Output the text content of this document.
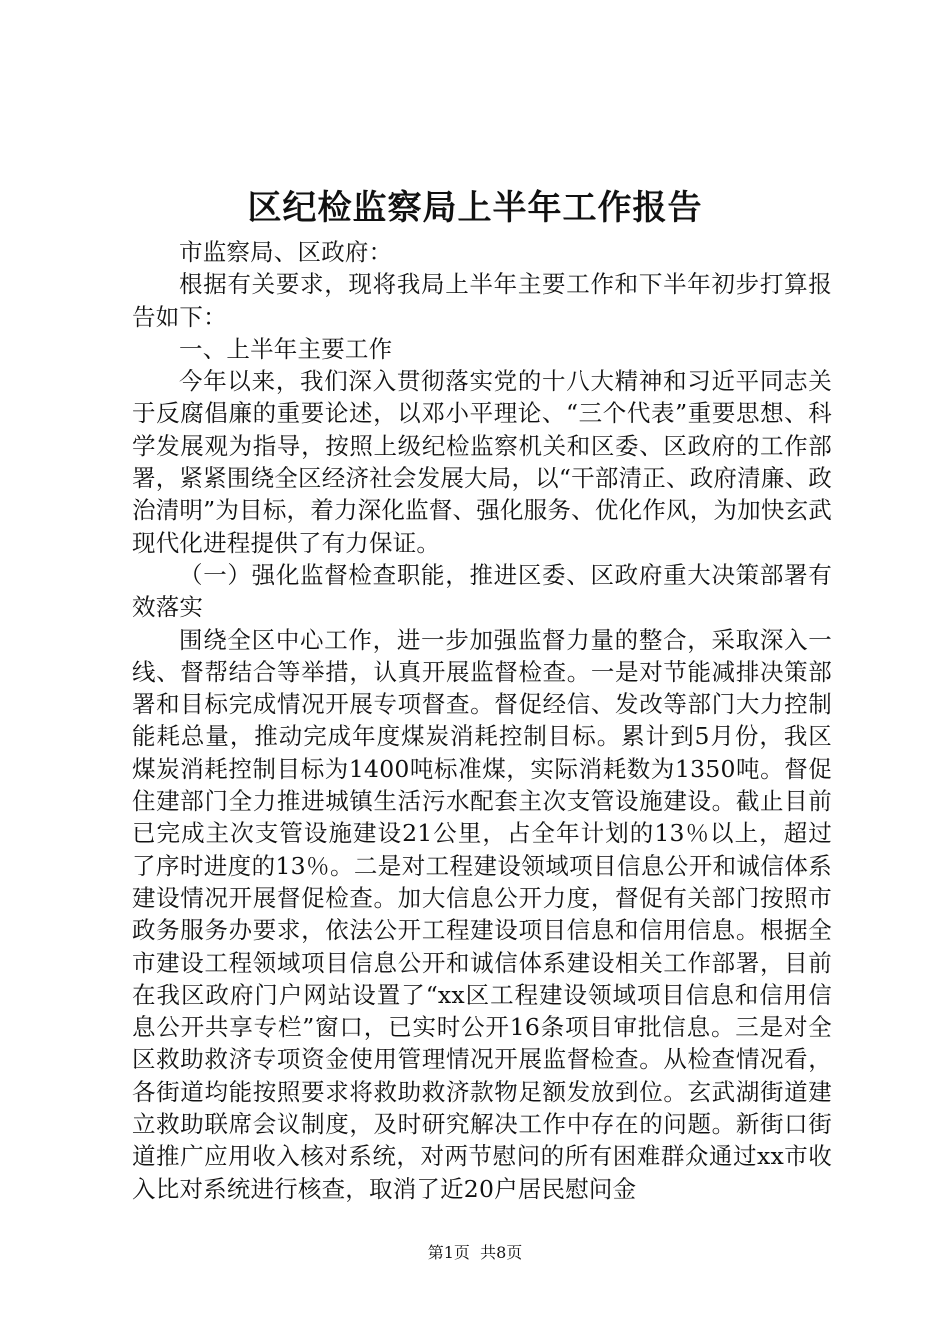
区纪检监察局上半年工作报告

市监察局、区政府：

根据有关要求，现将我局上半年主要工作和下半年初步打算报告如下：

一、上半年主要工作

今年以来，我们深入贯彻落实党的十八大精神和习近平同志关于反腐倡廉的重要论述，以邓小平理论、“三个代表”重要思想、科学发展观为指导，按照上级纪检监察机关和区委、区政府的工作部署，紧紧围绕全区经济社会发展大局，以“干部清正、政府清廉、政治清明”为目标，着力深化监督、强化服务、优化作风，为加快玄武现代化进程提供了有力保证。

（一）强化监督检查职能，推进区委、区政府重大决策部署有效落实

围绕全区中心工作，进一步加强监督力量的整合，采取深入一线、督帮结合等举措，认真开展监督检查。一是对节能减排决策部署和目标完成情况开展专项督查。督促经信、发改等部门大力控制能耗总量，推动完成年度煤炭消耗控制目标。累计到5月份，我区煤炭消耗控制目标为1400吨标准煤，实际消耗数为1350吨。督促住建部门全力推进城镇生活污水配套主次支管设施建设。截止目前已完成主次支管设施建设21公里，占全年计划的13％以上，超过了序时进度的13％。二是对工程建设领域项目信息公开和诚信体系建设情况开展督促检查。加大信息公开力度，督促有关部门按照市政务服务办要求，依法公开工程建设项目信息和信用信息。根据全市建设工程领域项目信息公开和诚信体系建设相关工作部署，目前在我区政府门户网站设置了“xx区工程建设领域项目信息和信用信息公开共享专栏”窗口，已实时公开16条项目审批信息。三是对全区救助救济专项资金使用管理情况开展监督检查。从检查情况看，各街道均能按照要求将救助救济款物足额发放到位。玄武湖街道建立救助联席会议制度，及时研究解决工作中存在的问题。新街口街道推广应用收入核对系统，对两节慰问的所有困难群众通过xx市收入比对系统进行核查，取消了近20户居民慰问金

第1页  共8页
